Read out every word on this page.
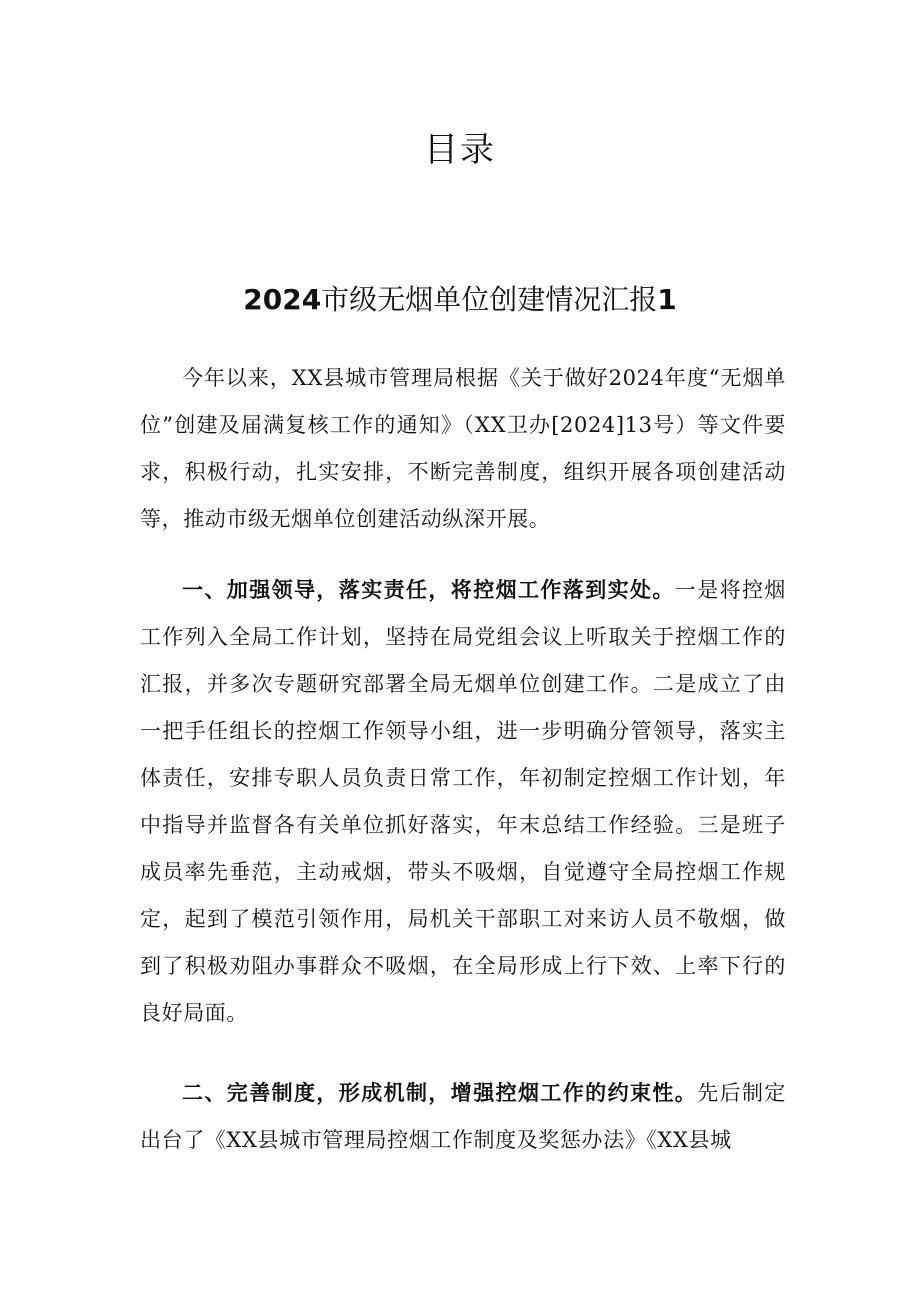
目录
2024市级无烟单位创建情况汇报1

今年以来，XX县城市管理局根据《关于做好2024年度“无烟单位”创建及届满复核工作的通知》（XX卫办[2024]13号）等文件要求，积极行动，扎实安排，不断完善制度，组织开展各项创建活动等，推动市级无烟单位创建活动纵深开展。

一、加强领导，落实责任，将控烟工作落到实处。一是将控烟工作列入全局工作计划，坚持在局党组会议上听取关于控烟工作的汇报，并多次专题研究部署全局无烟单位创建工作。二是成立了由一把手任组长的控烟工作领导小组，进一步明确分管领导，落实主体责任，安排专职人员负责日常工作，年初制定控烟工作计划，年中指导并监督各有关单位抓好落实，年末总结工作经验。三是班子成员率先垂范，主动戒烟，带头不吸烟，自觉遵守全局控烟工作规定，起到了模范引领作用，局机关干部职工对来访人员不敬烟，做到了积极劝阻办事群众不吸烟，在全局形成上行下效、上率下行的良好局面。

二、完善制度，形成机制，增强控烟工作的约束性。先后制定出台了《XX县城市管理局控烟工作制度及奖惩办法》《XX县城
